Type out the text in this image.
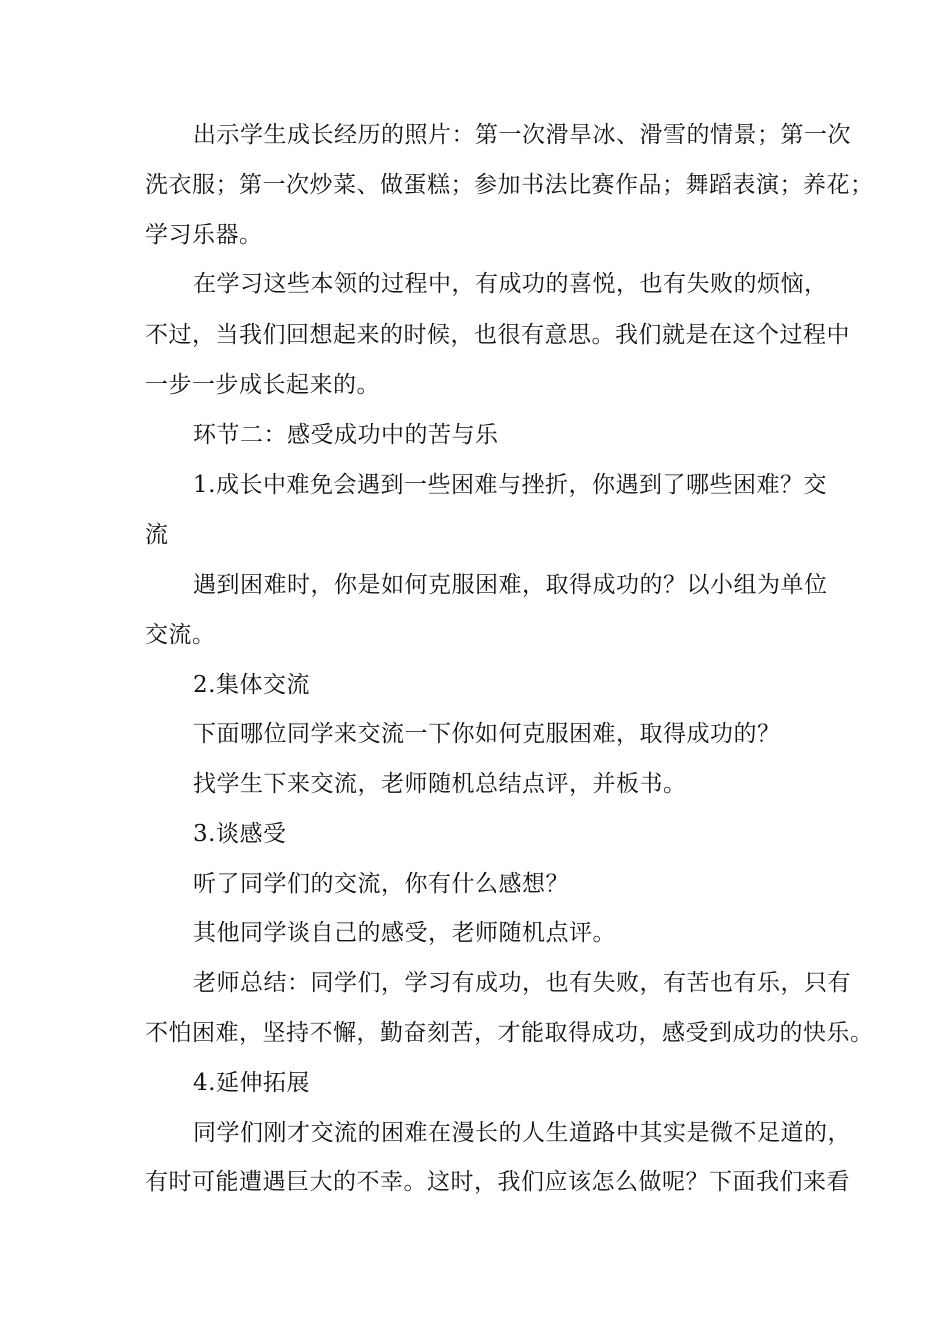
出示学生成长经历的照片：第一次滑旱冰、滑雪的情景；第一次
洗衣服；第一次炒菜、做蛋糕；参加书法比赛作品；舞蹈表演；养花；
学习乐器。
在学习这些本领的过程中，有成功的喜悦，也有失败的烦恼，
不过，当我们回想起来的时候，也很有意思。我们就是在这个过程中
一步一步成长起来的。
环节二：感受成功中的苦与乐
1.成长中难免会遇到一些困难与挫折，你遇到了哪些困难？交
流
遇到困难时，你是如何克服困难，取得成功的？以小组为单位
交流。
2.集体交流
下面哪位同学来交流一下你如何克服困难，取得成功的？
找学生下来交流，老师随机总结点评，并板书。
3.谈感受
听了同学们的交流，你有什么感想？
其他同学谈自己的感受，老师随机点评。
老师总结：同学们，学习有成功，也有失败，有苦也有乐，只有
不怕困难，坚持不懈，勤奋刻苦，才能取得成功，感受到成功的快乐。
4.延伸拓展
同学们刚才交流的困难在漫长的人生道路中其实是微不足道的，
有时可能遭遇巨大的不幸。这时，我们应该怎么做呢？下面我们来看
